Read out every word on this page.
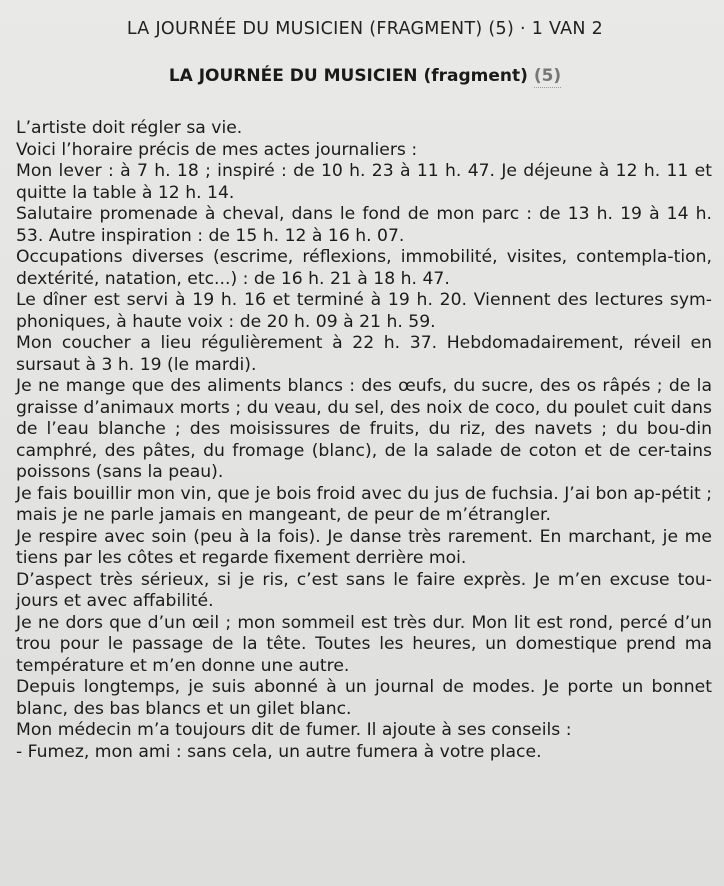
LA JOURNÉE DU MUSICIEN (FRAGMENT) (5) · 1 VAN 2
LA JOURNÉE DU MUSICIEN (fragment) (5)

L’artiste doit régler sa vie.

Voici l’horaire précis de mes actes journaliers :

Mon lever : à 7 h. 18 ; inspiré : de 10 h. 23 à 11 h. 47. Je déjeune à 12 h. 11 et quitte la table à 12 h. 14.

Salutaire promenade à cheval, dans le fond de mon parc : de 13 h. 19 à 14 h. 53. Autre inspiration : de 15 h. 12 à 16 h. 07.

Occupations diverses (escrime, réflexions, immobilité, visites, contempla-tion, dextérité, natation, etc...) : de 16 h. 21 à 18 h. 47.

Le dîner est servi à 19 h. 16 et terminé à 19 h. 20. Viennent des lectures sym-phoniques, à haute voix : de 20 h. 09 à 21 h. 59.

Mon coucher a lieu régulièrement à 22 h. 37. Hebdomadairement, réveil en sursaut à 3 h. 19 (le mardi).

Je ne mange que des aliments blancs : des œufs, du sucre, des os râpés ; de la graisse d’animaux morts ; du veau, du sel, des noix de coco, du poulet cuit dans de l’eau blanche ; des moisissures de fruits, du riz, des navets ; du bou-din camphré, des pâtes, du fromage (blanc), de la salade de coton et de cer-tains poissons (sans la peau).

Je fais bouillir mon vin, que je bois froid avec du jus de fuchsia. J’ai bon ap-pétit ; mais je ne parle jamais en mangeant, de peur de m’étrangler.

Je respire avec soin (peu à la fois). Je danse très rarement. En marchant, je me tiens par les côtes et regarde fixement derrière moi.

D’aspect très sérieux, si je ris, c’est sans le faire exprès. Je m’en excuse tou-jours et avec affabilité.

Je ne dors que d’un œil ; mon sommeil est très dur. Mon lit est rond, percé d’un trou pour le passage de la tête. Toutes les heures, un domestique prend ma température et m’en donne une autre.

Depuis longtemps, je suis abonné à un journal de modes. Je porte un bonnet blanc, des bas blancs et un gilet blanc.

Mon médecin m’a toujours dit de fumer. Il ajoute à ses conseils :

- Fumez, mon ami : sans cela, un autre fumera à votre place.
